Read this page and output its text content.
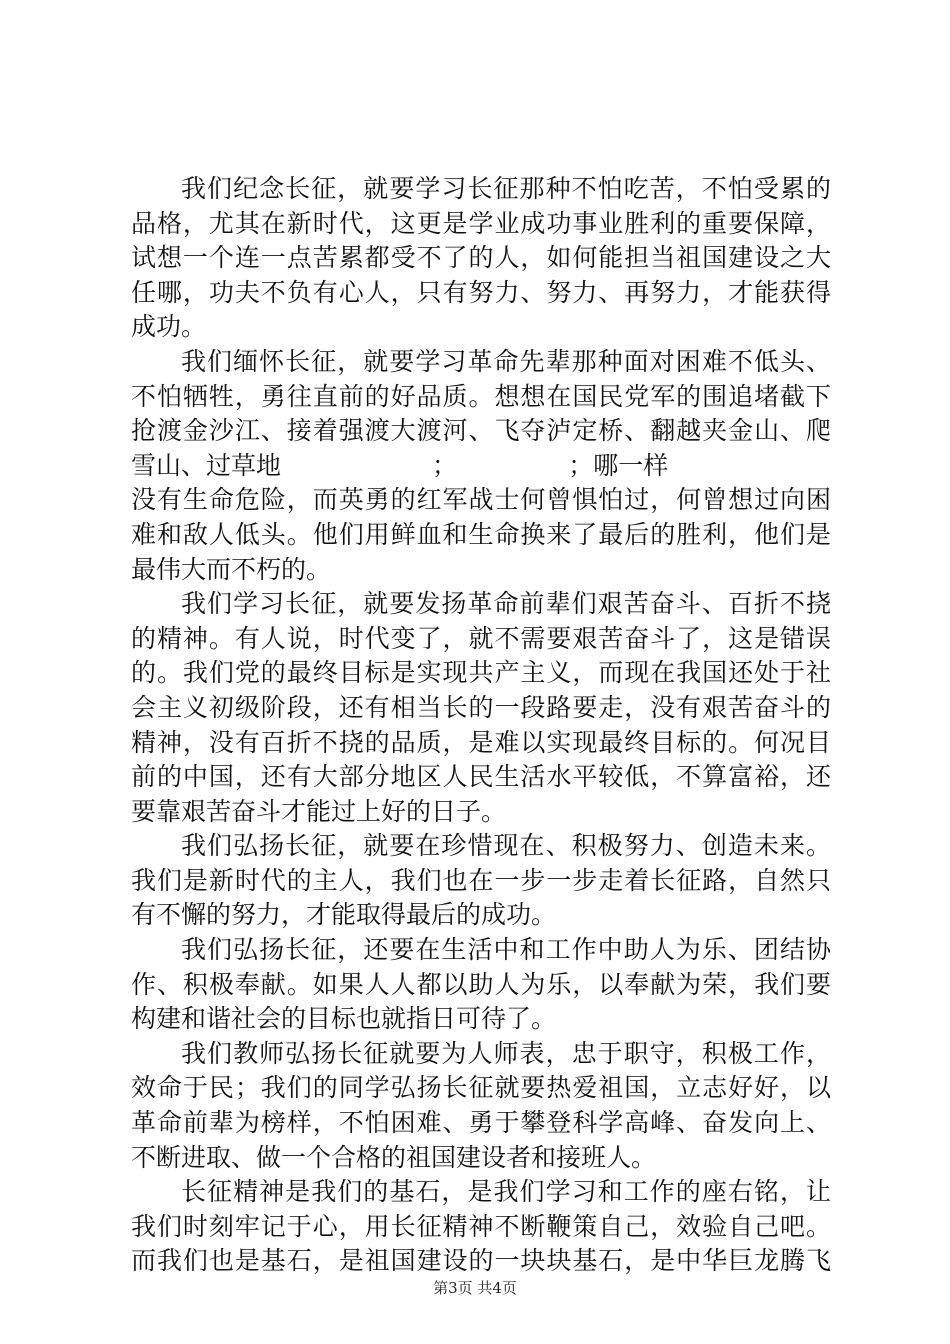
我们纪念长征，就要学习长征那种不怕吃苦，不怕受累的
品格，尤其在新时代，这更是学业成功事业胜利的重要保障，
试想一个连一点苦累都受不了的人，如何能担当祖国建设之大
任哪，功夫不负有心人，只有努力、努力、再努力，才能获得
成功。
我们缅怀长征，就要学习革命先辈那种面对困难不低头、
不怕牺牲，勇往直前的好品质。想想在国民党军的围追堵截下
抢渡金沙江、接着强渡大渡河、飞夺泸定桥、翻越夹金山、爬
雪山、过草地                   ；              ；哪一样
没有生命危险，而英勇的红军战士何曾惧怕过，何曾想过向困
难和敌人低头。他们用鲜血和生命换来了最后的胜利，他们是
最伟大而不朽的。
我们学习长征，就要发扬革命前辈们艰苦奋斗、百折不挠
的精神。有人说，时代变了，就不需要艰苦奋斗了，这是错误
的。我们党的最终目标是实现共产主义，而现在我国还处于社
会主义初级阶段，还有相当长的一段路要走，没有艰苦奋斗的
精神，没有百折不挠的品质，是难以实现最终目标的。何况目
前的中国，还有大部分地区人民生活水平较低，不算富裕，还
要靠艰苦奋斗才能过上好的日子。
我们弘扬长征，就要在珍惜现在、积极努力、创造未来。
我们是新时代的主人，我们也在一步一步走着长征路，自然只
有不懈的努力，才能取得最后的成功。
我们弘扬长征，还要在生活中和工作中助人为乐、团结协
作、积极奉献。如果人人都以助人为乐，以奉献为荣，我们要
构建和谐社会的目标也就指日可待了。
我们教师弘扬长征就要为人师表，忠于职守，积极工作，
效命于民；我们的同学弘扬长征就要热爱祖国，立志好好，以
革命前辈为榜样，不怕困难、勇于攀登科学高峰、奋发向上、
不断进取、做一个合格的祖国建设者和接班人。
长征精神是我们的基石，是我们学习和工作的座右铭，让
我们时刻牢记于心，用长征精神不断鞭策自己，效验自己吧。
而我们也是基石，是祖国建设的一块块基石，是中华巨龙腾飞
第3页 共4页
